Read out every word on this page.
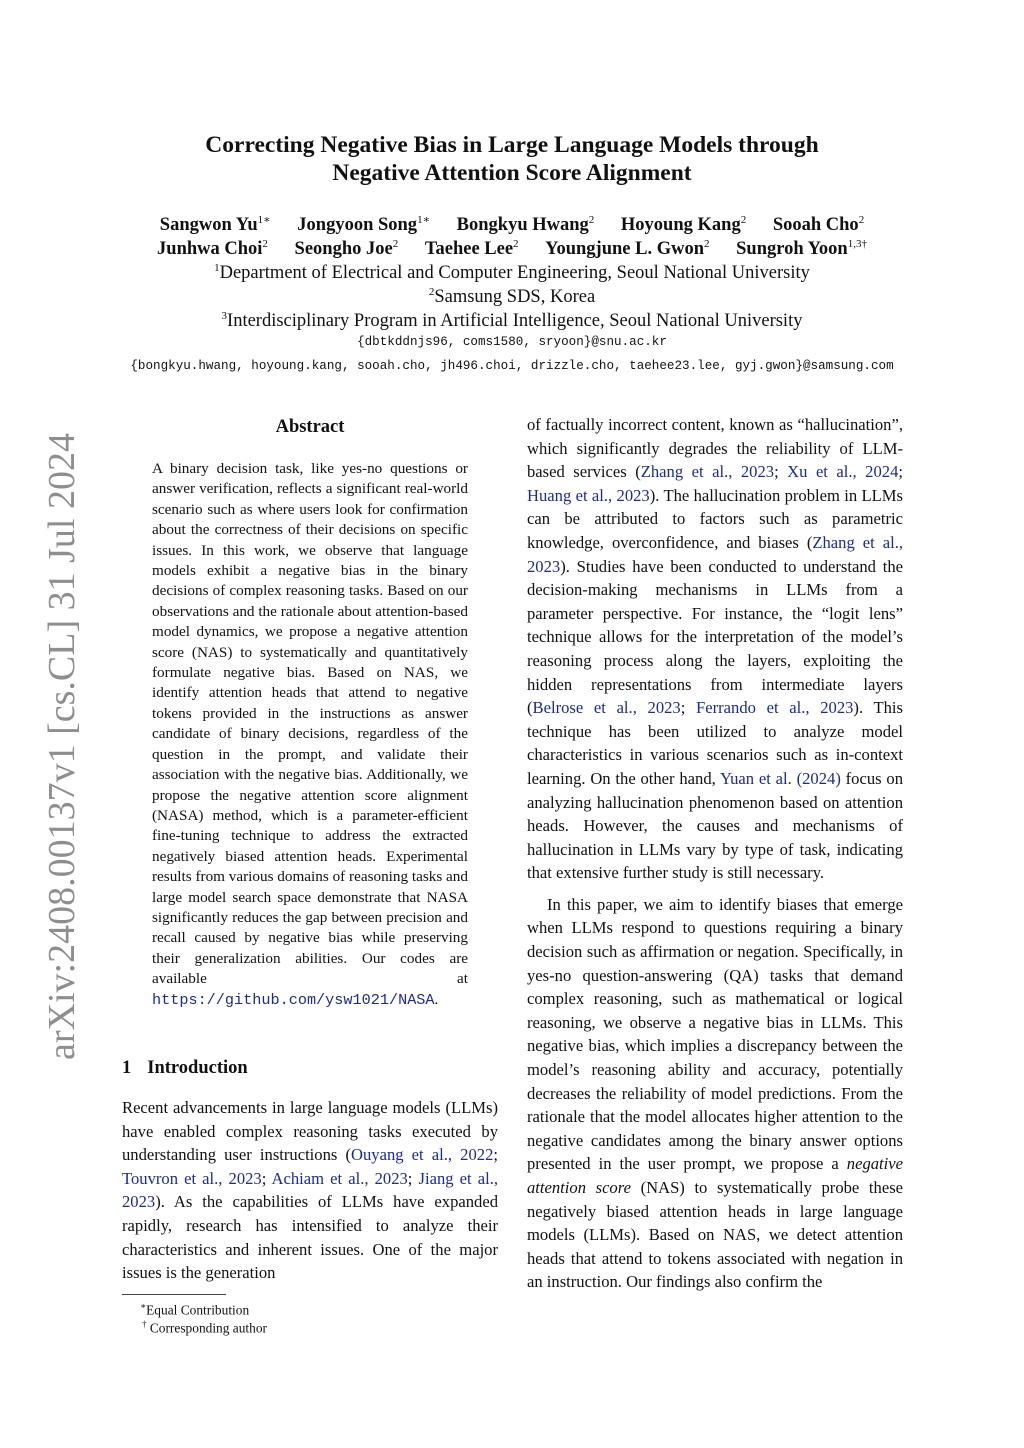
arXiv:2408.00137v1 [cs.CL] 31 Jul 2024
Correcting Negative Bias in Large Language Models through
Negative Attention Score Alignment
Sangwon $Yu^{1∗}$ Jongyoon Song$^{1∗}$ Bongkyu Hwang$^2$ Hoyoung Kang$^2$ Sooah Cho$^2$
Junhwa Choi$^2$ Seongho Joe$^2$ Taehee Lee$^2$ Youngjune L. Gwon$^2$ Sungroh Yoon$^{1,3\dagger}$
$^1$Department of Electrical and Computer Engineering, Seoul National University
$^2$Samsung SDS, Korea
$^3$Interdisciplinary Program in Artificial Intelligence, Seoul National University
{dbtkddnjs96, coms1580, sryoon}@snu.ac.kr
{bongkyu.hwang, hoyoung.kang, sooah.cho, jh496.choi, drizzle.cho, taehee23.lee, gyj.gwon}@samsung.com
Abstract

A binary decision task, like yes-no questions or answer verification, reflects a significant real-world scenario such as where users look for confirmation about the correctness of their decisions on specific issues. In this work, we observe that language models exhibit a negative bias in the binary decisions of complex reasoning tasks. Based on our observations and the rationale about attention-based model dynamics, we propose a negative attention score (NAS) to systematically and quantitatively formulate negative bias. Based on NAS, we identify attention heads that attend to negative tokens provided in the instructions as answer candidate of binary decisions, regardless of the question in the prompt, and validate their association with the negative bias. Additionally, we propose the negative attention score alignment (NASA) method, which is a parameter-efficient fine-tuning technique to address the extracted negatively biased attention heads. Experimental results from various domains of reasoning tasks and large model search space demonstrate that NASA significantly reduces the gap between precision and recall caused by negative bias while preserving their generalization abilities. Our codes are available at https://github.com/ysw1021/NASA.

1 Introduction

Recent advancements in large language models (LLMs) have enabled complex reasoning tasks executed by understanding user instructions (Ouyang et al., 2022; Touvron et al., 2023; Achiam et al., 2023; Jiang et al., 2023). As the capabilities of LLMs have expanded rapidly, research has intensified to analyze their characteristics and inherent issues. One of the major issues is the generation

∗Equal Contribution
† Corresponding author

of factually incorrect content, known as “hallucination”, which significantly degrades the reliability of LLM-based services (Zhang et al., 2023; Xu et al., 2024; Huang et al., 2023). The hallucination problem in LLMs can be attributed to factors such as parametric knowledge, overconfidence, and biases (Zhang et al., 2023). Studies have been conducted to understand the decision-making mechanisms in LLMs from a parameter perspective. For instance, the “logit lens” technique allows for the interpretation of the model’s reasoning process along the layers, exploiting the hidden representations from intermediate layers (Belrose et al., 2023; Ferrando et al., 2023). This technique has been utilized to analyze model characteristics in various scenarios such as in-context learning. On the other hand, Yuan et al. (2024) focus on analyzing hallucination phenomenon based on attention heads. However, the causes and mechanisms of hallucination in LLMs vary by type of task, indicating that extensive further study is still necessary.

In this paper, we aim to identify biases that emerge when LLMs respond to questions requiring a binary decision such as affirmation or negation. Specifically, in yes-no question-answering (QA) tasks that demand complex reasoning, such as mathematical or logical reasoning, we observe a negative bias in LLMs. This negative bias, which implies a discrepancy between the model’s reasoning ability and accuracy, potentially decreases the reliability of model predictions. From the rationale that the model allocates higher attention to the negative candidates among the binary answer options presented in the user prompt, we propose a negative attention score (NAS) to systematically probe these negatively biased attention heads in large language models (LLMs). Based on NAS, we detect attention heads that attend to tokens associated with negation in an instruction. Our findings also confirm the
